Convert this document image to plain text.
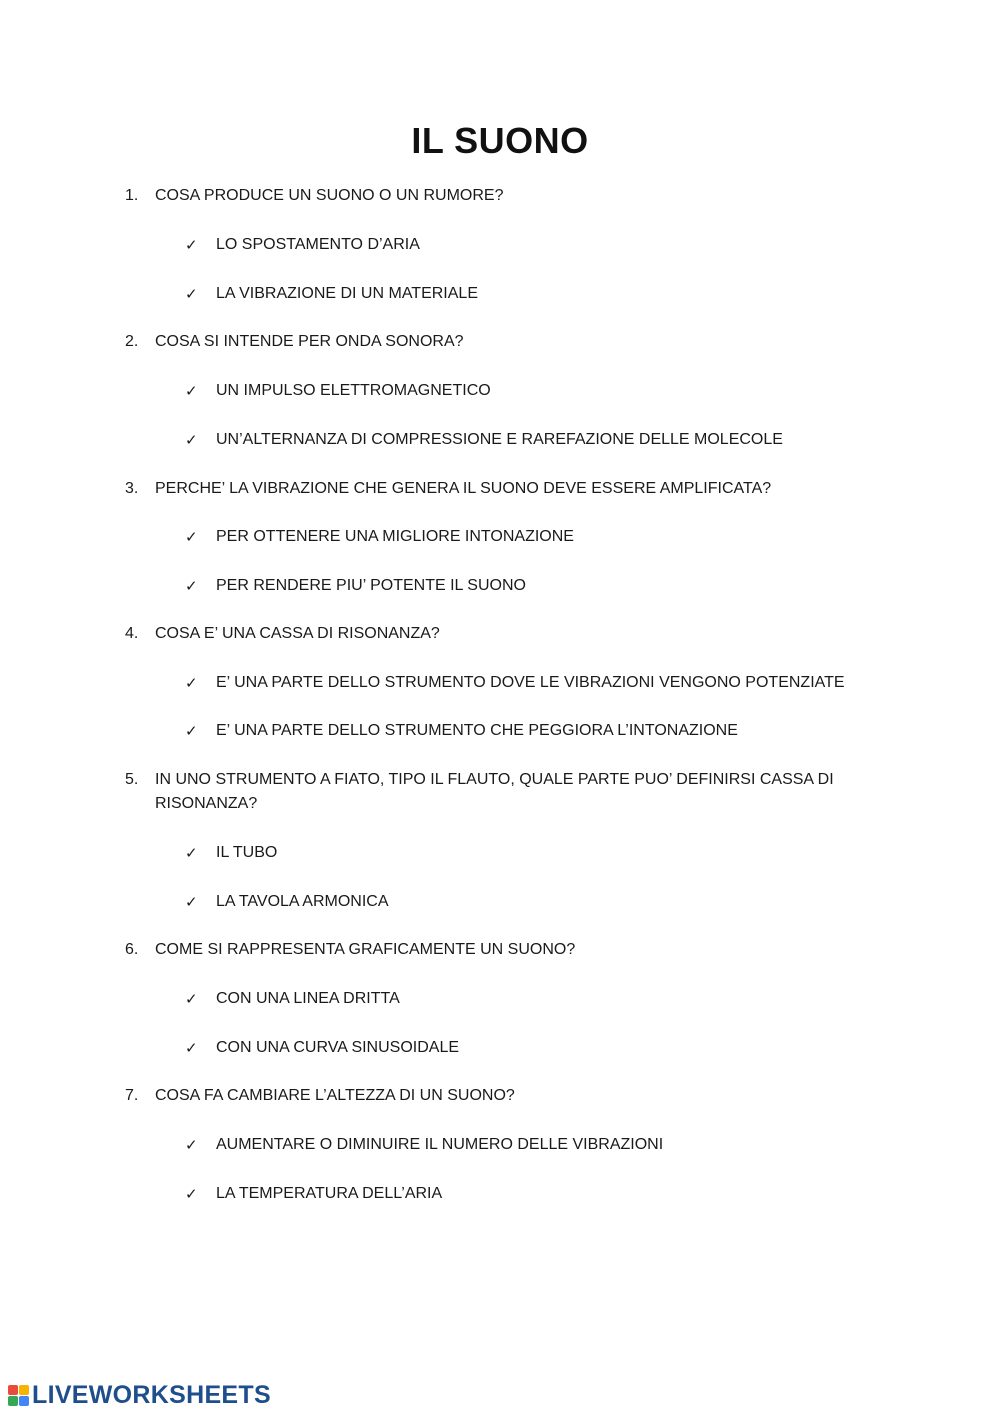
IL SUONO
1.	COSA PRODUCE UN SUONO O UN RUMORE?
✓	LO SPOSTAMENTO D’ARIA
✓	LA VIBRAZIONE DI UN MATERIALE
2.	COSA SI INTENDE PER ONDA SONORA?
✓	UN IMPULSO ELETTROMAGNETICO
✓	UN’ALTERNANZA DI COMPRESSIONE E RAREFAZIONE DELLE MOLECOLE
3.	PERCHE’ LA VIBRAZIONE CHE GENERA IL SUONO DEVE ESSERE AMPLIFICATA?
✓	PER OTTENERE UNA MIGLIORE INTONAZIONE
✓	PER RENDERE PIU’ POTENTE IL SUONO
4.	COSA E’ UNA CASSA DI RISONANZA?
✓	E’ UNA PARTE DELLO STRUMENTO DOVE LE VIBRAZIONI VENGONO POTENZIATE
✓	E’ UNA PARTE DELLO STRUMENTO CHE PEGGIORA L’INTONAZIONE
5.	IN UNO STRUMENTO A FIATO, TIPO IL FLAUTO, QUALE PARTE PUO’ DEFINIRSI CASSA DI RISONANZA?
✓	IL TUBO
✓	LA TAVOLA ARMONICA
6.	COME SI RAPPRESENTA GRAFICAMENTE UN SUONO?
✓	CON UNA LINEA DRITTA
✓	CON UNA CURVA SINUSOIDALE
7.	COSA FA CAMBIARE L’ALTEZZA DI UN SUONO?
✓	AUMENTARE O DIMINUIRE IL NUMERO DELLE VIBRAZIONI
✓	LA TEMPERATURA DELL’ARIA
LIVEWORKSHEETS
